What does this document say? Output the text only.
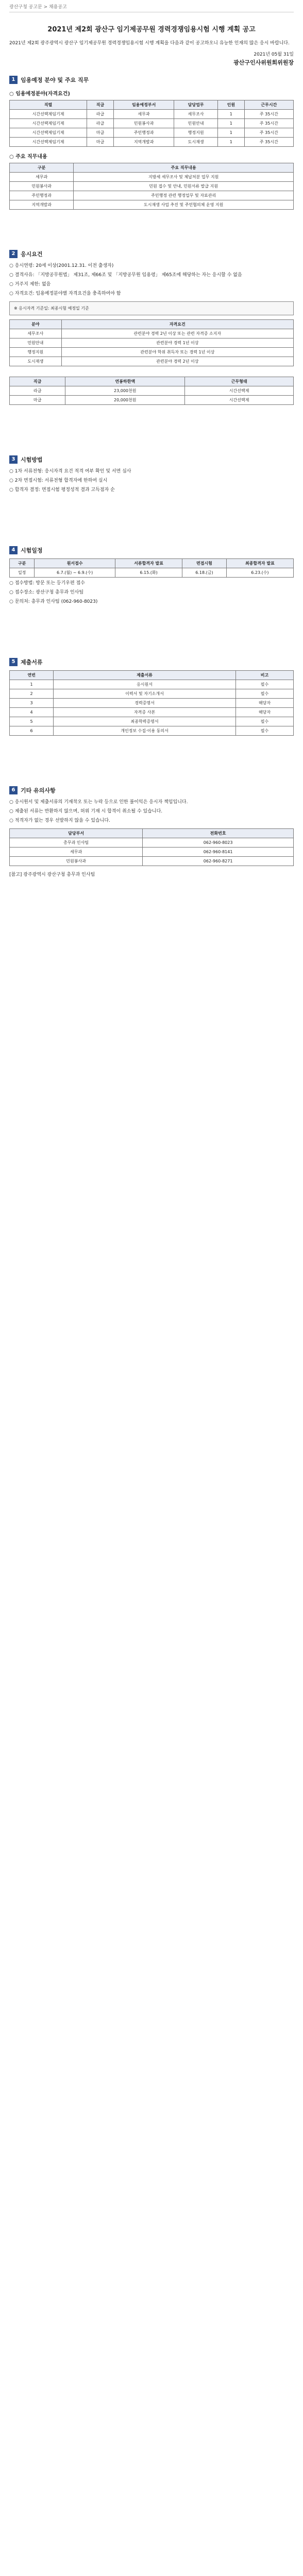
광산구청 공고문 > 채용공고
2021년 제2회 광산구 임기제공무원 경력경쟁임용시험 시행 계획 공고
2021년 제2회 광주광역시 광산구 임기제공무원 경력경쟁임용시험 시행 계획을 다음과 같이 공고하오니 유능한 인재의 많은 응시 바랍니다.
2021년 05월 31일
광산구인사위원회위원장
1 임용예정 분야 및 주요 직무
○ 임용예정분야(자격요건)
직렬	직급	임용예정부서	담당업무	인원	근무시간
시간선택제임기제	라급	세무과	세무조사	1	주 35시간
시간선택제임기제	라급	민원봉사과	민원안내	1	주 35시간
시간선택제임기제	마급	주민행정과	행정지원	1	주 35시간
시간선택제임기제	마급	지역개발과	도시재생	1	주 35시간
○ 주요 직무내용
구분	주요 직무내용
세무과	지방세 세무조사 및 체납처분 업무 지원
민원봉사과	민원 접수 및 안내, 민원서류 발급 지원
주민행정과	주민행정 관련 행정업무 및 자료관리
지역개발과	도시재생 사업 추진 및 주민협의체 운영 지원
2 응시요건
○ 응시연령: 20세 이상(2001.12.31. 이전 출생자)
○ 결격사유: 「지방공무원법」 제31조, 제66조 및 「지방공무원 임용령」 제65조에 해당하는 자는 응시할 수 없음
○ 거주지 제한: 없음
○ 자격요건: 임용예정분야별 자격요건을 충족하여야 함
※ 응시자격 기준일: 최종시험 예정일 기준
분야	자격요건
세무조사	관련분야 경력 2년 이상 또는 관련 자격증 소지자
민원안내	관련분야 경력 1년 이상
행정지원	관련분야 학위 취득자 또는 경력 1년 이상
도시재생	관련분야 경력 2년 이상
직급	연봉하한액	근무형태
라급	23,000천원	시간선택제
마급	20,000천원	시간선택제
3 시험방법
○ 1차 서류전형: 응시자격 요건 적격 여부 확인 및 서면 심사
○ 2차 면접시험: 서류전형 합격자에 한하여 실시
○ 합격자 결정: 면접시험 평정성적 결과 고득점자 순
4 시험일정
구분	원서접수	서류합격자 발표	면접시험	최종합격자 발표
일정	6.7.(월) ~ 6.9.(수)	6.15.(화)	6.18.(금)	6.23.(수)
○ 접수방법: 방문 또는 등기우편 접수
○ 접수장소: 광산구청 총무과 인사팀
○ 문의처: 총무과 인사팀 (062-960-8023)
5 제출서류
연번	제출서류	비고
1	응시원서	필수
2	이력서 및 자기소개서	필수
3	경력증명서	해당자
4	자격증 사본	해당자
5	최종학력증명서	필수
6	개인정보 수집·이용 동의서	필수
6 기타 유의사항
○ 응시원서 및 제출서류의 기재착오 또는 누락 등으로 인한 불이익은 응시자 책임입니다.
○ 제출된 서류는 반환하지 않으며, 허위 기재 시 합격이 취소될 수 있습니다.
○ 적격자가 없는 경우 선발하지 않을 수 있습니다.
담당부서	전화번호
총무과 인사팀	062-960-8023
세무과	062-960-8141
민원봉사과	062-960-8271
[참고] 광주광역시 광산구청 총무과 인사팀
